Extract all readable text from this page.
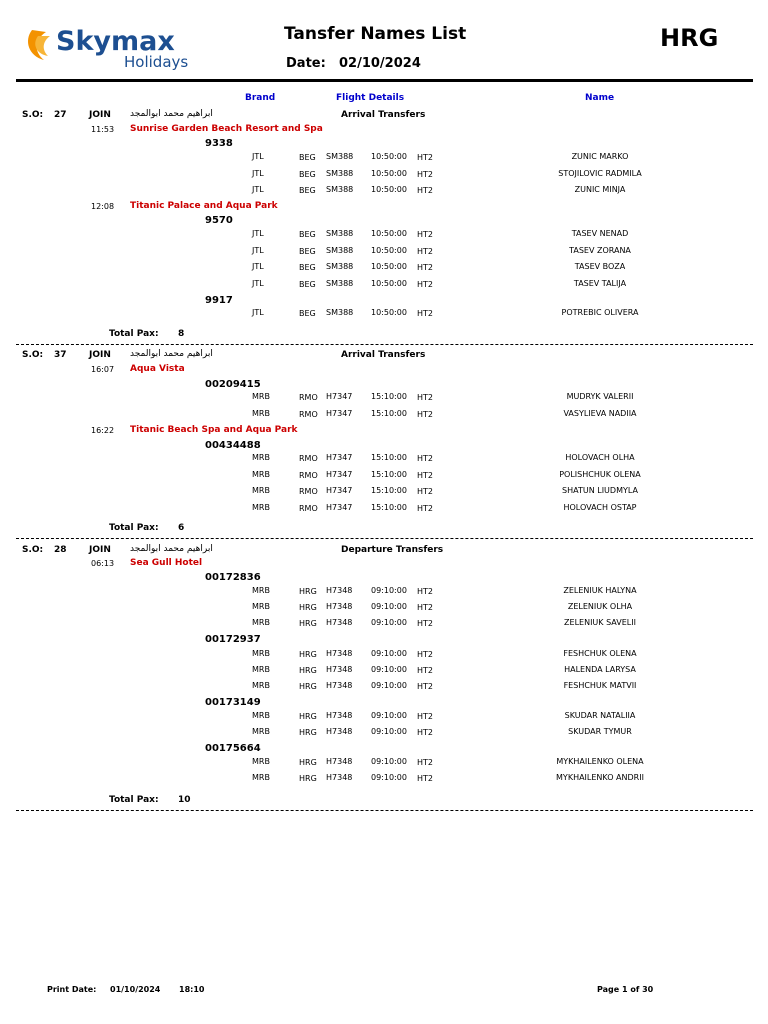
Skymax
Holidays
Tansfer Names List
Date: 02/10/2024
HRG
Brand	Flight Details	Name
S.O: 27 JOIN ابراهيم محمد ابوالمجد	Arrival Transfers
11:53 Sunrise Garden Beach Resort and Spa
9338
JTL	BEG SM388 10:50:00 HT2	ZUNIC MARKO
JTL	BEG SM388 10:50:00 HT2	STOJILOVIC RADMILA
JTL	BEG SM388 10:50:00 HT2	ZUNIC MINJA
12:08 Titanic Palace and Aqua Park
9570
JTL	BEG SM388 10:50:00 HT2	TASEV NENAD
JTL	BEG SM388 10:50:00 HT2	TASEV ZORANA
JTL	BEG SM388 10:50:00 HT2	TASEV BOZA
JTL	BEG SM388 10:50:00 HT2	TASEV TALIJA
9917
JTL	BEG SM388 10:50:00 HT2	POTREBIC OLIVERA
Total Pax: 8
S.O: 37 JOIN ابراهيم محمد ابوالمجد	Arrival Transfers
16:07 Aqua Vista
00209415
MRB	RMO H7347 15:10:00 HT2	MUDRYK VALERII
MRB	RMO H7347 15:10:00 HT2	VASYLIEVA NADIIA
16:22 Titanic Beach Spa and Aqua Park
00434488
MRB	RMO H7347 15:10:00 HT2	HOLOVACH OLHA
MRB	RMO H7347 15:10:00 HT2	POLISHCHUK OLENA
MRB	RMO H7347 15:10:00 HT2	SHATUN LIUDMYLA
MRB	RMO H7347 15:10:00 HT2	HOLOVACH OSTAP
Total Pax: 6
S.O: 28 JOIN ابراهيم محمد ابوالمجد	Departure Transfers
06:13 Sea Gull Hotel
00172836
MRB	HRG H7348 09:10:00 HT2	ZELENIUK HALYNA
MRB	HRG H7348 09:10:00 HT2	ZELENIUK OLHA
MRB	HRG H7348 09:10:00 HT2	ZELENIUK SAVELII
00172937
MRB	HRG H7348 09:10:00 HT2	FESHCHUK OLENA
MRB	HRG H7348 09:10:00 HT2	HALENDA LARYSA
MRB	HRG H7348 09:10:00 HT2	FESHCHUK MATVII
00173149
MRB	HRG H7348 09:10:00 HT2	SKUDAR NATALIIA
MRB	HRG H7348 09:10:00 HT2	SKUDAR TYMUR
00175664
MRB	HRG H7348 09:10:00 HT2	MYKHAILENKO OLENA
MRB	HRG H7348 09:10:00 HT2	MYKHAILENKO ANDRII
Total Pax: 10
Print Date: 01/10/2024 18:10	Page 1 of 30
